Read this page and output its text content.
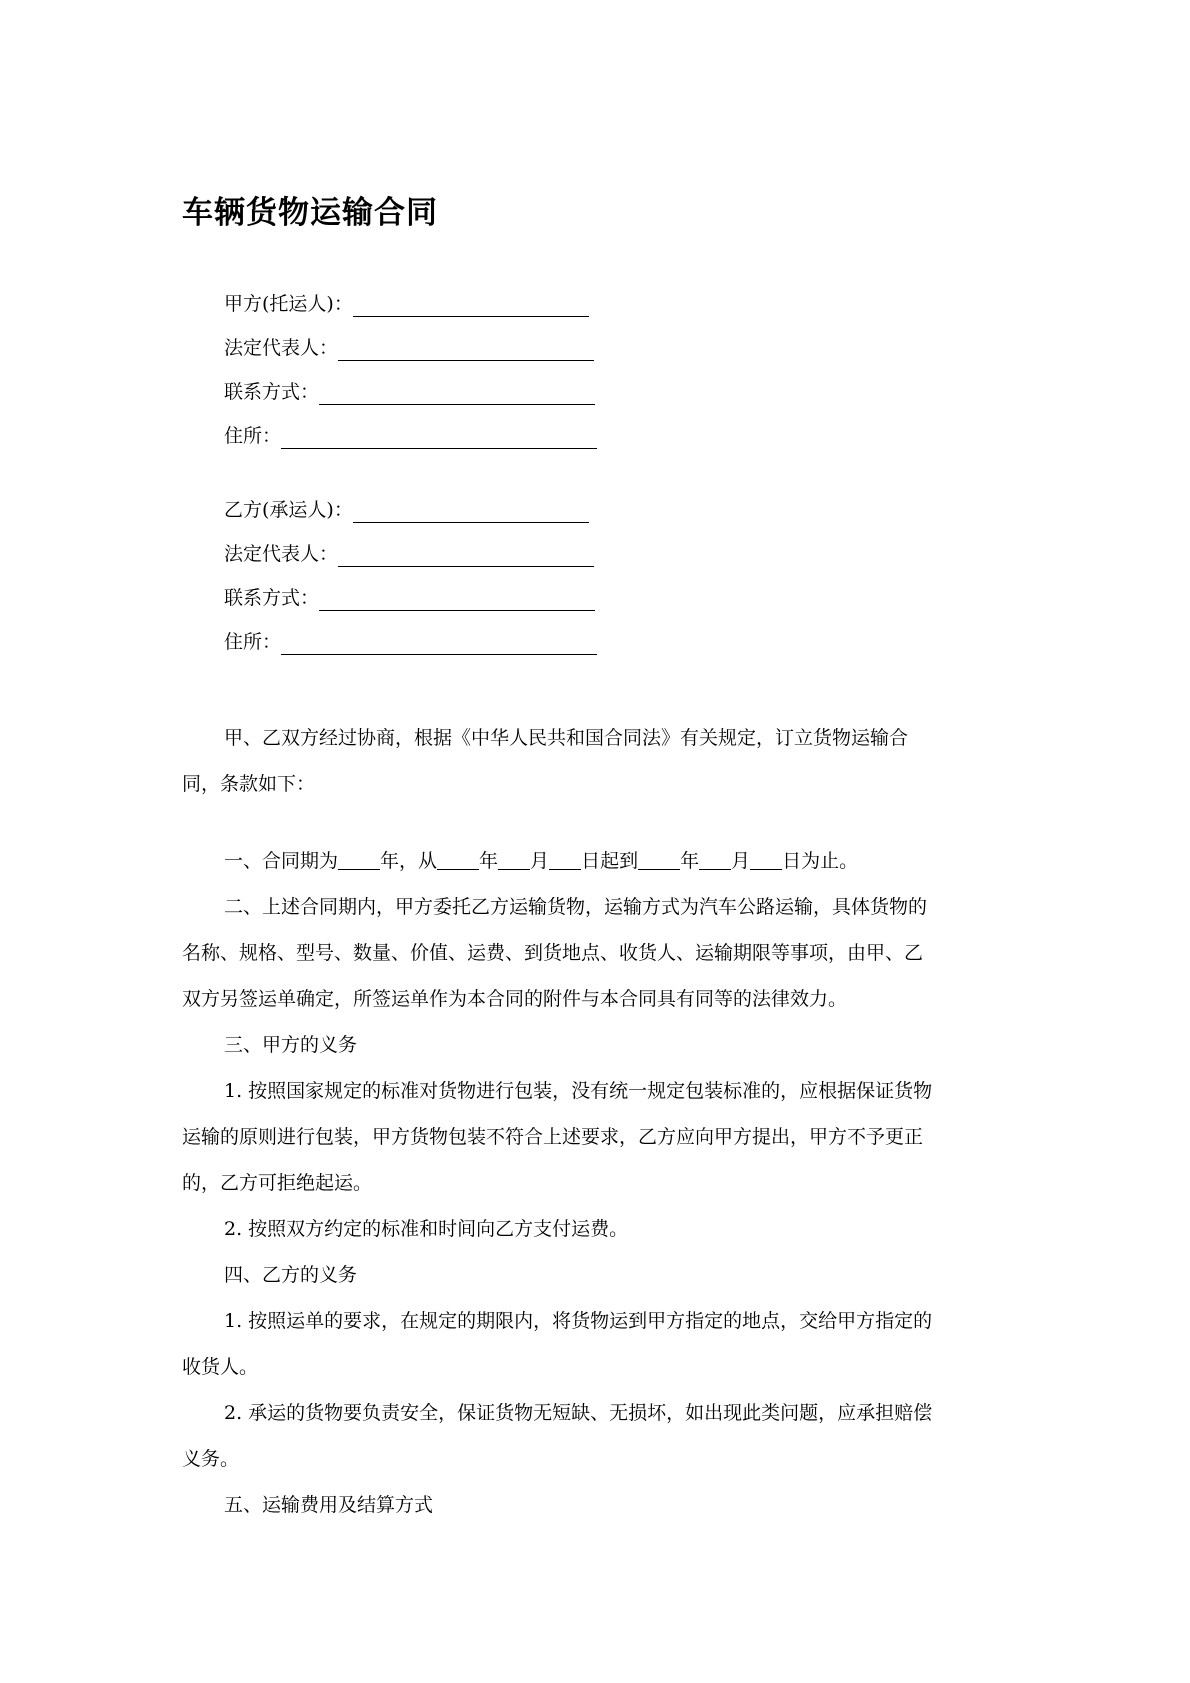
车辆货物运输合同
甲方(托运人)：
法定代表人：
联系方式：
住所：
乙方(承运人)：
法定代表人：
联系方式：
住所：
甲、乙双方经过协商，根据《中华人民共和国合同法》有关规定，订立货物运输合
同，条款如下：
一、合同期为 年，从 年 月 日起到 年 月 日为止。
二、上述合同期内，甲方委托乙方运输货物，运输方式为汽车公路运输，具体货物的
名称、规格、型号、数量、价值、运费、到货地点、收货人、运输期限等事项，由甲、乙
双方另签运单确定，所签运单作为本合同的附件与本合同具有同等的法律效力。
三、甲方的义务
1. 按照国家规定的标准对货物进行包装，没有统一规定包装标准的，应根据保证货物
运输的原则进行包装，甲方货物包装不符合上述要求，乙方应向甲方提出，甲方不予更正
的，乙方可拒绝起运。
2. 按照双方约定的标准和时间向乙方支付运费。
四、乙方的义务
1. 按照运单的要求，在规定的期限内，将货物运到甲方指定的地点，交给甲方指定的
收货人。
2. 承运的货物要负责安全，保证货物无短缺、无损坏，如出现此类问题，应承担赔偿
义务。
五、运输费用及结算方式
